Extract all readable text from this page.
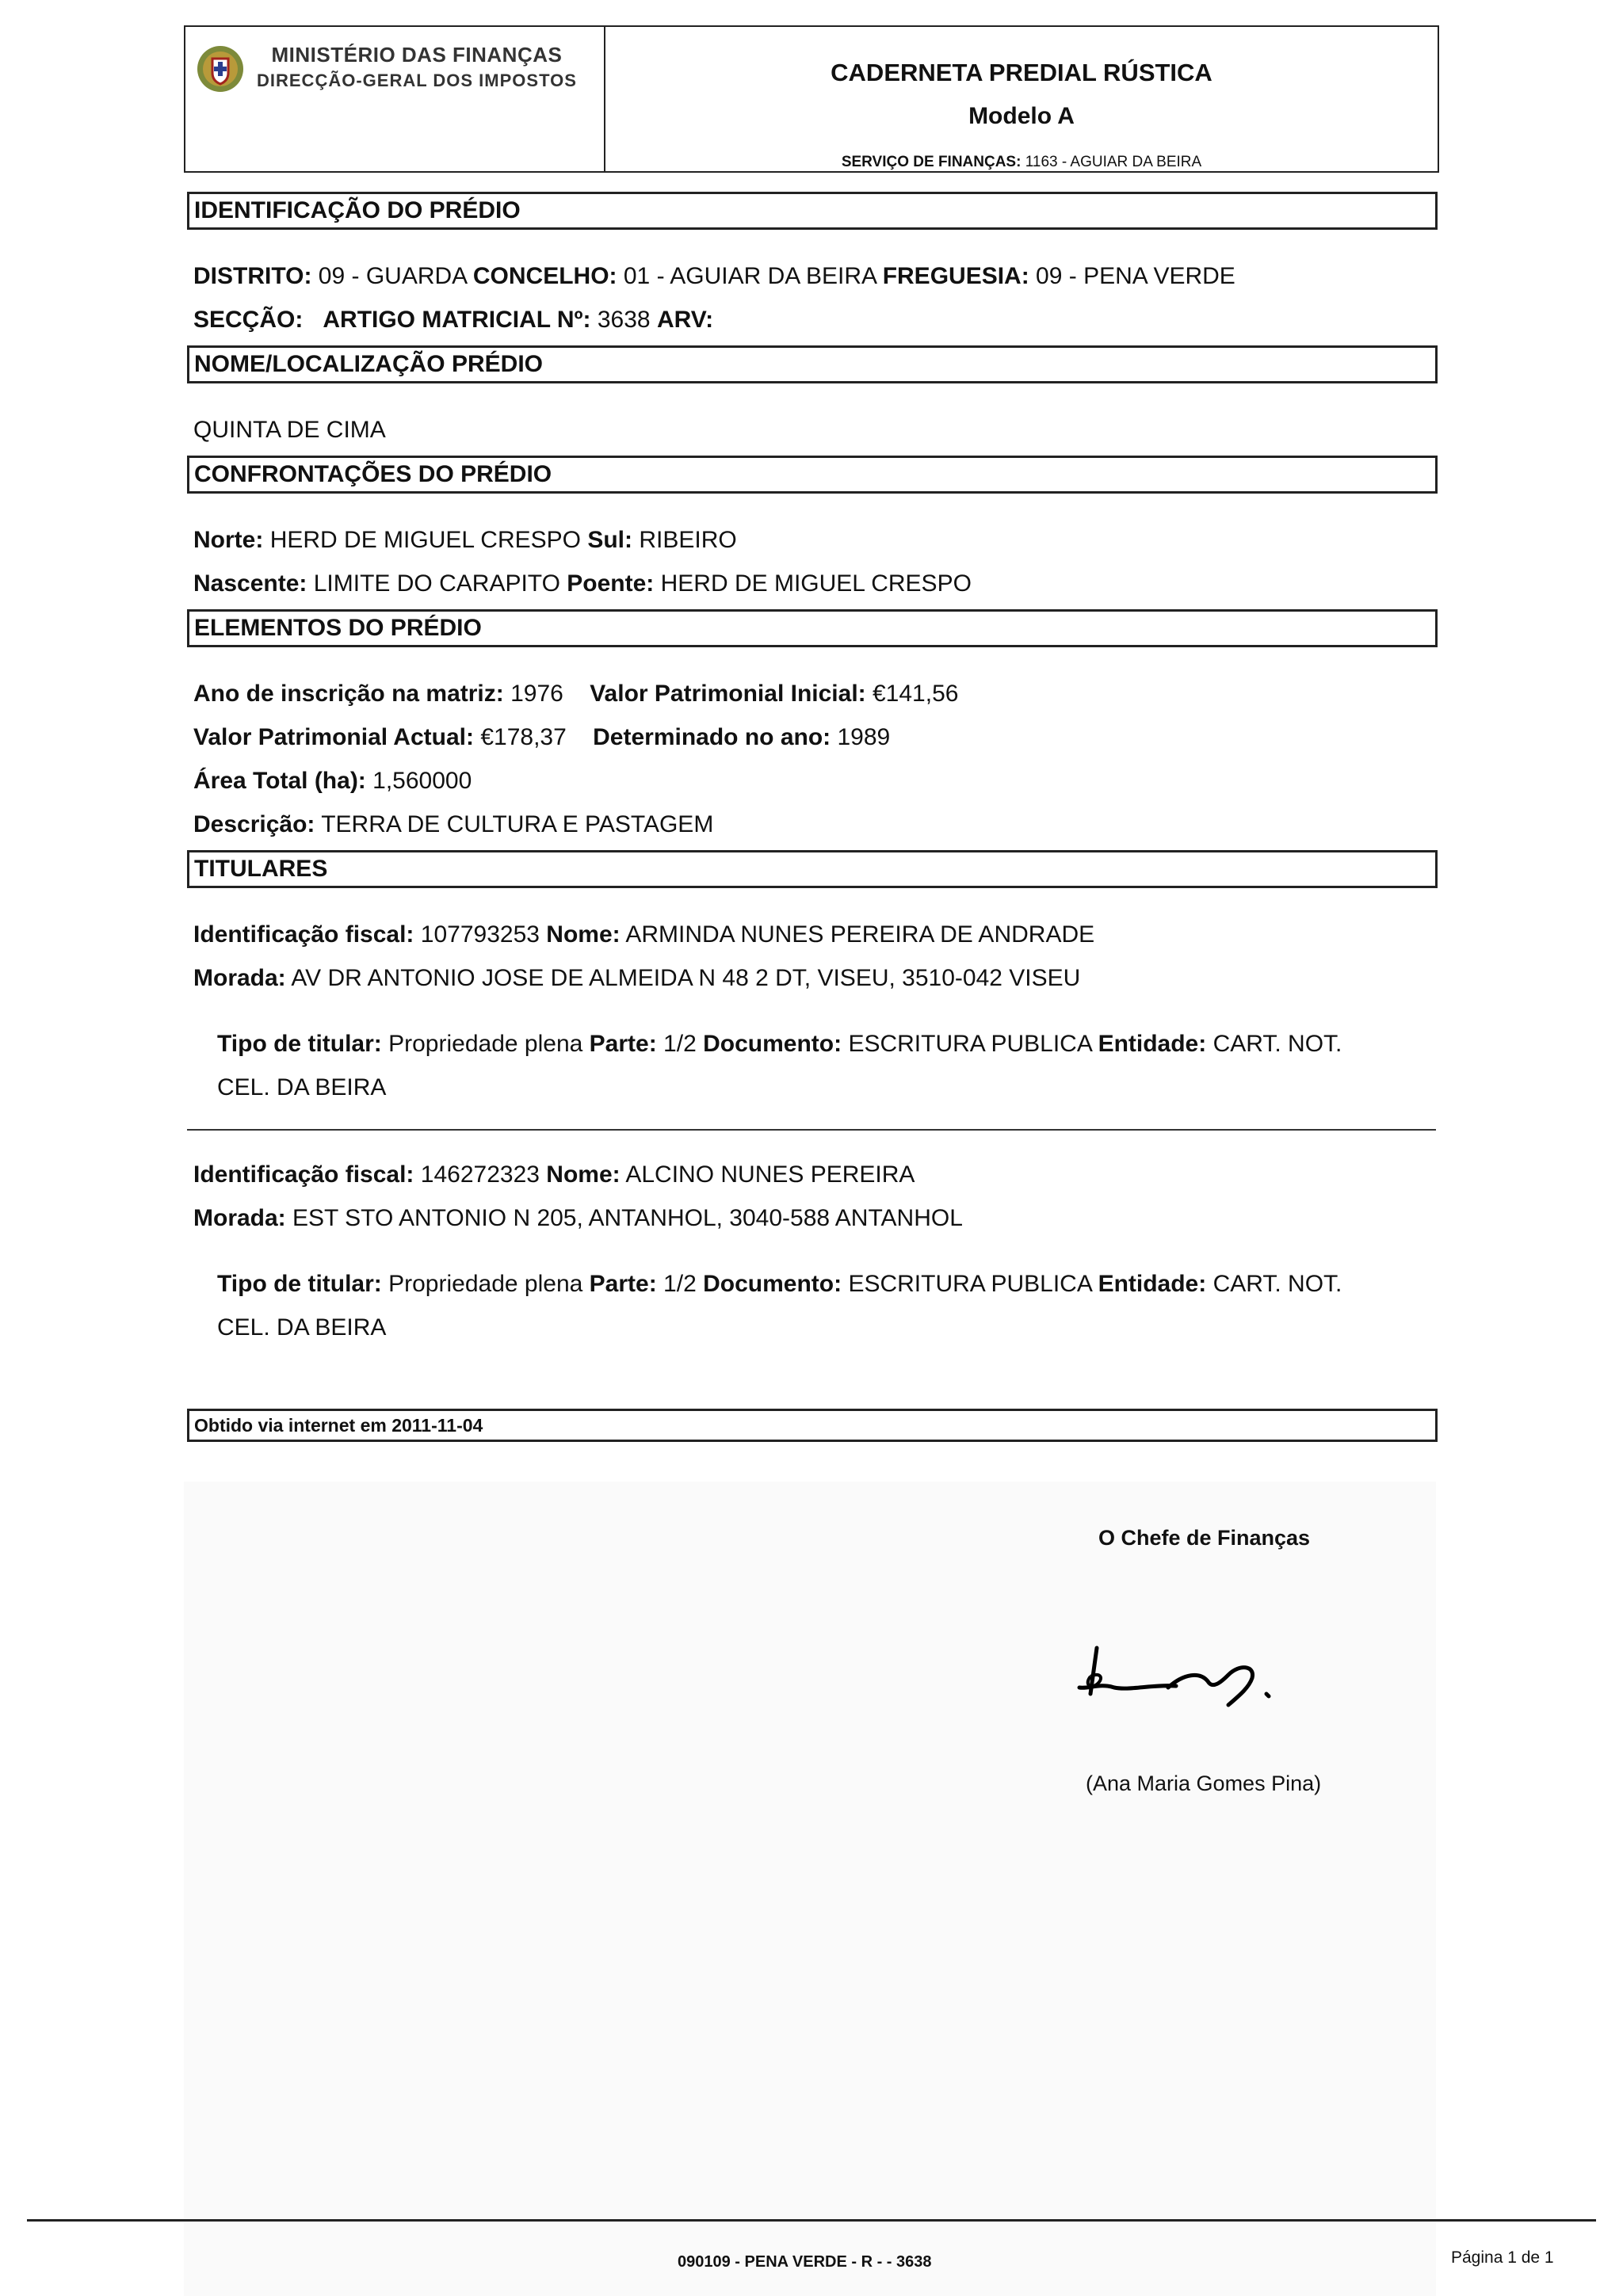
MINISTÉRIO DAS FINANÇAS
DIRECÇÃO-GERAL DOS IMPOSTOS	CADERNETA PREDIAL RÚSTICA
Modelo A
SERVIÇO DE FINANÇAS: 1163 - AGUIAR DA BEIRA
IDENTIFICAÇÃO DO PRÉDIO
DISTRITO: 09 - GUARDA CONCELHO: 01 - AGUIAR DA BEIRA FREGUESIA: 09 - PENA VERDE
SECÇÃO: ARTIGO MATRICIAL Nº: 3638 ARV:
NOME/LOCALIZAÇÃO PRÉDIO
QUINTA DE CIMA
CONFRONTAÇÕES DO PRÉDIO
Norte: HERD DE MIGUEL CRESPO Sul: RIBEIRO
Nascente: LIMITE DO CARAPITO Poente: HERD DE MIGUEL CRESPO
ELEMENTOS DO PRÉDIO
Ano de inscrição na matriz: 1976 Valor Patrimonial Inicial: €141,56
Valor Patrimonial Actual: €178,37 Determinado no ano: 1989
Área Total (ha): 1,560000
Descrição: TERRA DE CULTURA E PASTAGEM
TITULARES
Identificação fiscal: 107793253 Nome: ARMINDA NUNES PEREIRA DE ANDRADE
Morada: AV DR ANTONIO JOSE DE ALMEIDA N 48 2 DT, VISEU, 3510-042 VISEU
Tipo de titular: Propriedade plena Parte: 1/2 Documento: ESCRITURA PUBLICA Entidade: CART. NOT.
CEL. DA BEIRA
Identificação fiscal: 146272323 Nome: ALCINO NUNES PEREIRA
Morada: EST STO ANTONIO N 205, ANTANHOL, 3040-588 ANTANHOL
Tipo de titular: Propriedade plena Parte: 1/2 Documento: ESCRITURA PUBLICA Entidade: CART. NOT.
CEL. DA BEIRA
Obtido via internet em 2011-11-04
O Chefe de Finanças
(Ana Maria Gomes Pina)
090109 - PENA VERDE - R - - 3638	Página 1 de 1
